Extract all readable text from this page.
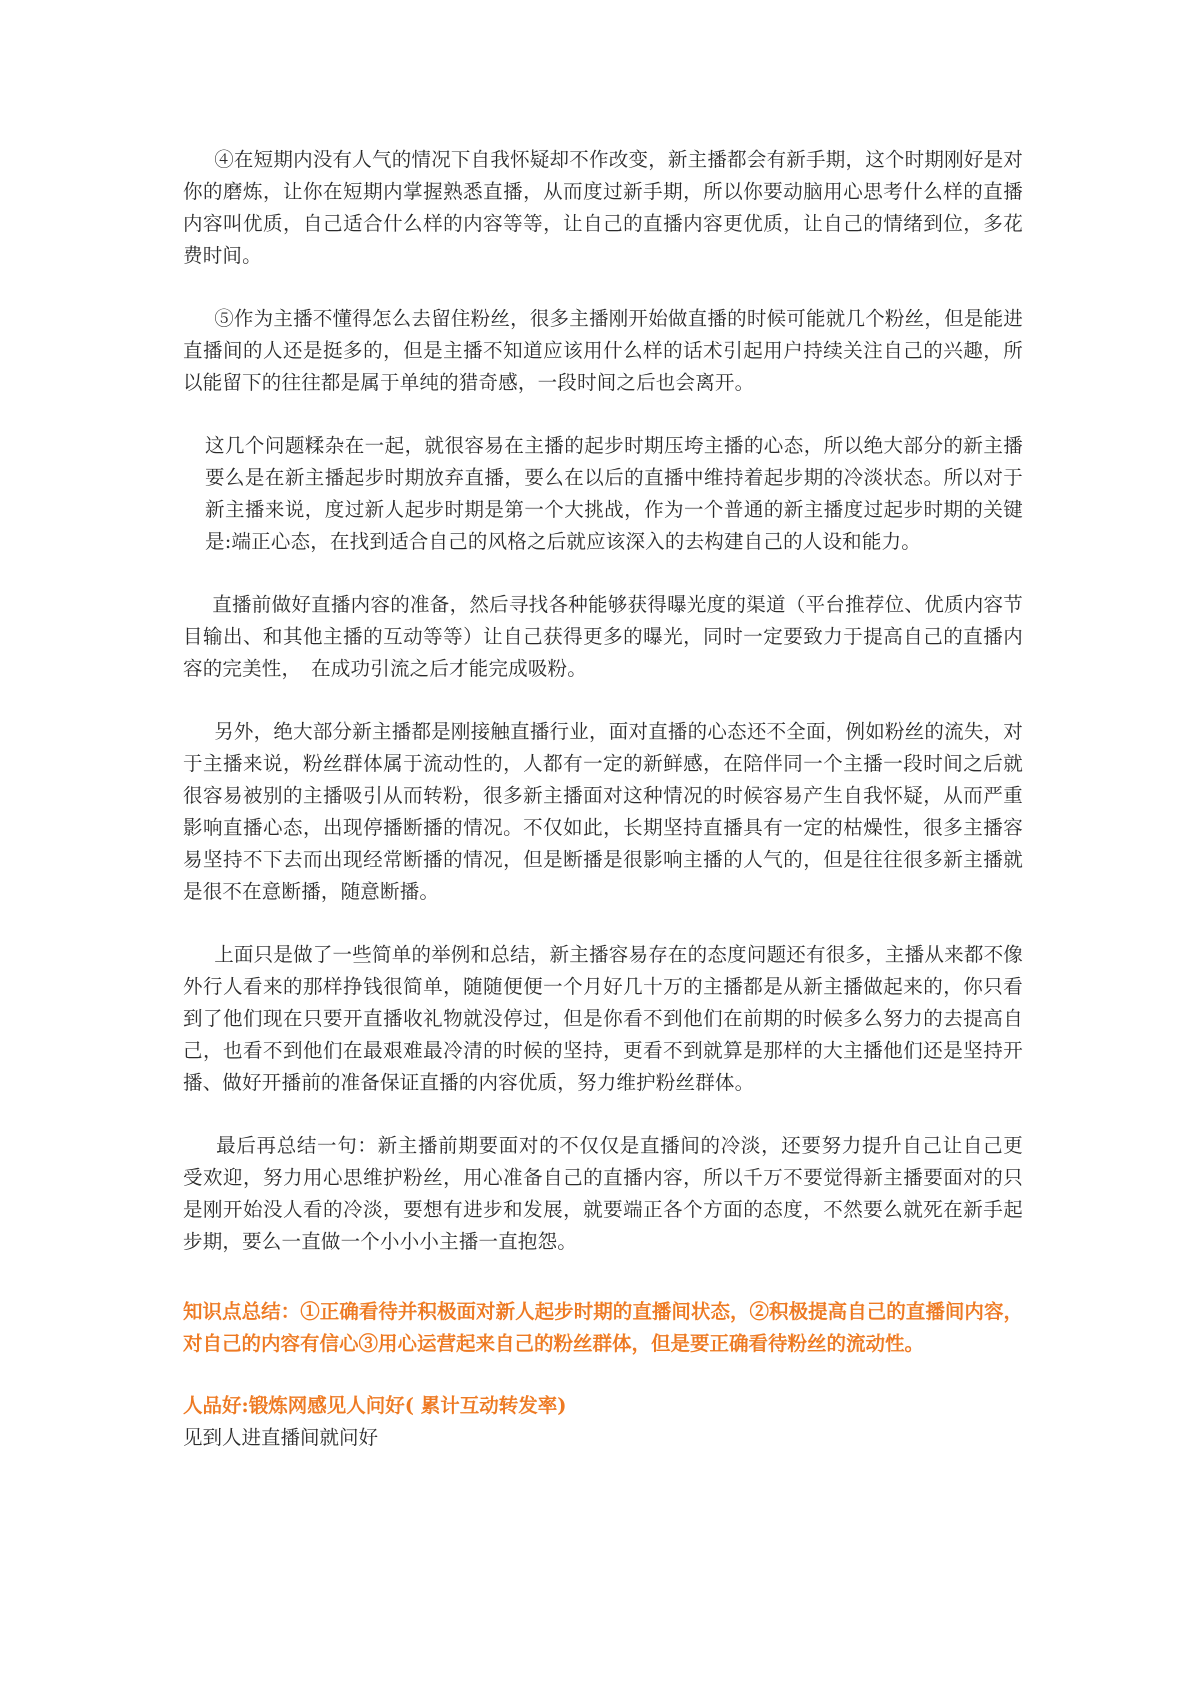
④在短期内没有人气的情况下自我怀疑却不作改变，新主播都会有新手期，这个时期刚好是对你的磨炼，让你在短期内掌握熟悉直播，从而度过新手期，所以你要动脑用心思考什么样的直播内容叫优质，自己适合什么样的内容等等，让自己的直播内容更优质，让自己的情绪到位，多花费时间。

⑤作为主播不懂得怎么去留住粉丝，很多主播刚开始做直播的时候可能就几个粉丝，但是能进直播间的人还是挺多的，但是主播不知道应该用什么样的话术引起用户持续关注自己的兴趣，所以能留下的往往都是属于单纯的猎奇感，一段时间之后也会离开。

这几个问题糅杂在一起，就很容易在主播的起步时期压垮主播的心态，所以绝大部分的新主播要么是在新主播起步时期放弃直播，要么在以后的直播中维持着起步期的冷淡状态。所以对于新主播来说，度过新人起步时期是第一个大挑战，作为一个普通的新主播度过起步时期的关键是:端正心态，在找到适合自己的风格之后就应该深入的去构建自己的人设和能力。

直播前做好直播内容的准备，然后寻找各种能够获得曝光度的渠道（平台推荐位、优质内容节目输出、和其他主播的互动等等）让自己获得更多的曝光，同时一定要致力于提高自己的直播内容的完美性，　在成功引流之后才能完成吸粉。

另外，绝大部分新主播都是刚接触直播行业，面对直播的心态还不全面，例如粉丝的流失，对于主播来说，粉丝群体属于流动性的，人都有一定的新鲜感，在陪伴同一个主播一段时间之后就很容易被别的主播吸引从而转粉，很多新主播面对这种情况的时候容易产生自我怀疑，从而严重影响直播心态，出现停播断播的情况。不仅如此，长期坚持直播具有一定的枯燥性，很多主播容易坚持不下去而出现经常断播的情况，但是断播是很影响主播的人气的，但是往往很多新主播就是很不在意断播，随意断播。

上面只是做了一些简单的举例和总结，新主播容易存在的态度问题还有很多，主播从来都不像外行人看来的那样挣钱很简单，随随便便一个月好几十万的主播都是从新主播做起来的，你只看到了他们现在只要开直播收礼物就没停过，但是你看不到他们在前期的时候多么努力的去提高自己，也看不到他们在最艰难最冷清的时候的坚持，更看不到就算是那样的大主播他们还是坚持开播、做好开播前的准备保证直播的内容优质，努力维护粉丝群体。

最后再总结一句：新主播前期要面对的不仅仅是直播间的冷淡，还要努力提升自己让自己更受欢迎，努力用心思维护粉丝，用心准备自己的直播内容，所以千万不要觉得新主播要面对的只是刚开始没人看的冷淡，要想有进步和发展，就要端正各个方面的态度，不然要么就死在新手起步期，要么一直做一个小小小主播一直抱怨。

知识点总结：①正确看待并积极面对新人起步时期的直播间状态，②积极提高自己的直播间内容，对自己的内容有信心③用心运营起来自己的粉丝群体，但是要正确看待粉丝的流动性。

人品好:锻炼网感见人问好( 累计互动转发率)

见到人进直播间就问好
